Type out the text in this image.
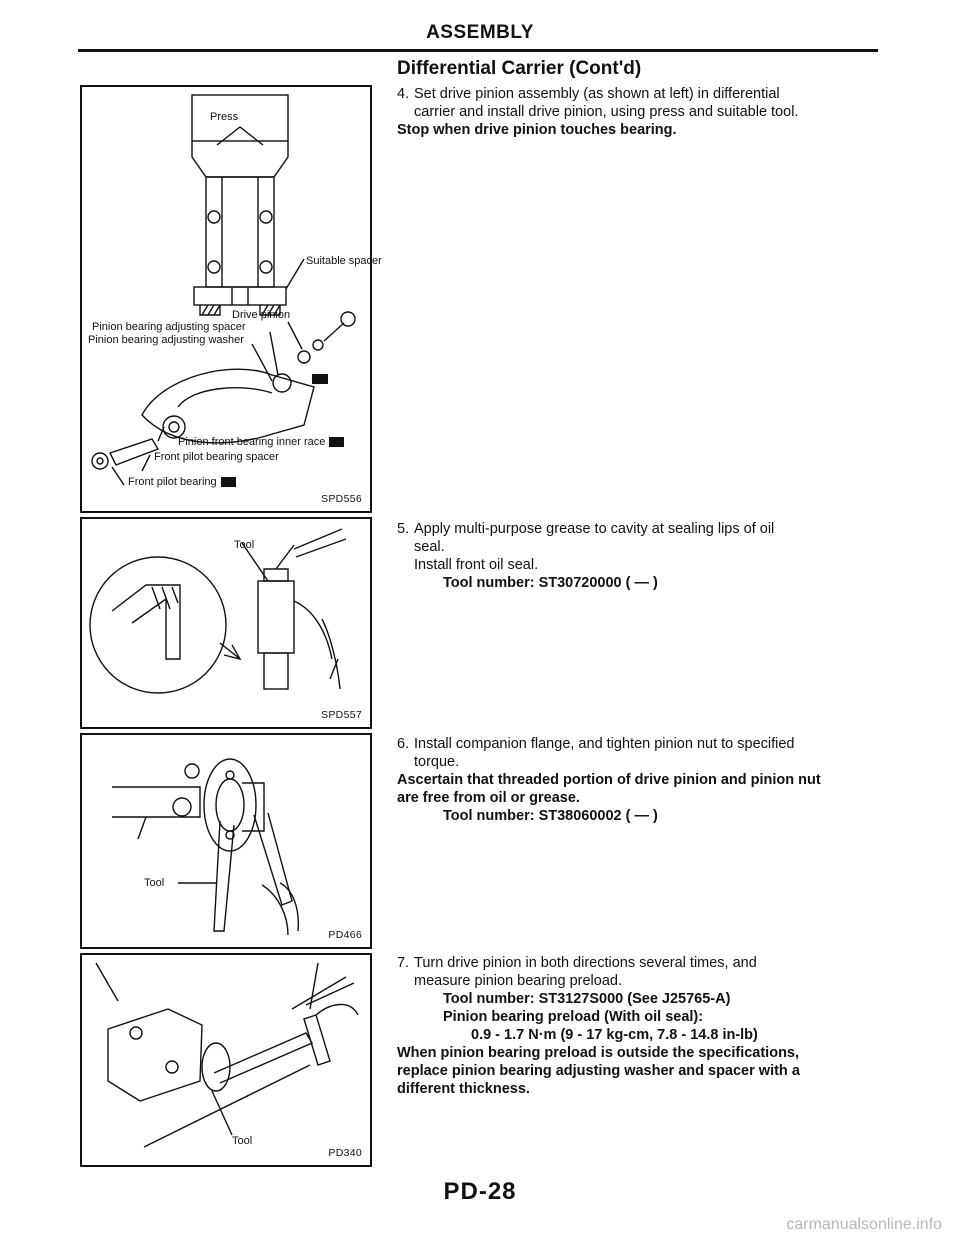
ASSEMBLY
Differential Carrier (Cont'd)
Press
Suitable spacer
Drive pinion
Pinion bearing adjusting spacer
Pinion bearing adjusting washer
Pinion front bearing inner race
Front pilot bearing spacer
Front pilot bearing
SPD556
Tool
SPD557
Tool
PD466
Tool
PD340
4. Set drive pinion assembly (as shown at left) in differential

carrier and install drive pinion, using press and suitable tool.

Stop when drive pinion touches bearing.

5. Apply multi-purpose grease to cavity at sealing lips of oil

seal.

Install front oil seal.

Tool number: ST30720000 ( — )

6. Install companion flange, and tighten pinion nut to specified

torque.

Ascertain that threaded portion of drive pinion and pinion nut

are free from oil or grease.

Tool number: ST38060002 ( — )

7. Turn drive pinion in both directions several times, and

measure pinion bearing preload.

Tool number: ST3127S000 (See J25765-A)

Pinion bearing preload (With oil seal):

0.9 - 1.7 N·m (9 - 17 kg-cm, 7.8 - 14.8 in-lb)

When pinion bearing preload is outside the specifications,

replace pinion bearing adjusting washer and spacer with a

different thickness.

PD-28
carmanualsonline.info
